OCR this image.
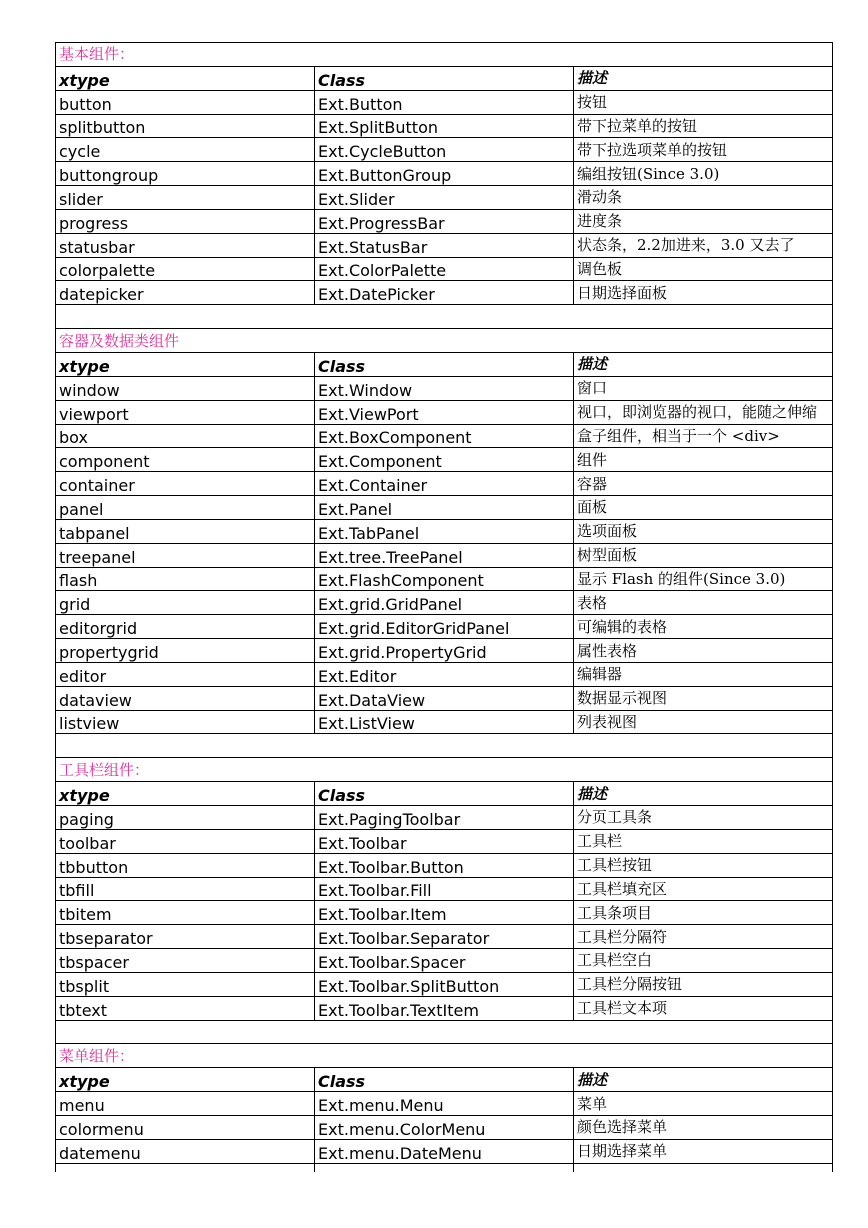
基本组件：		
xtype	Class	描述
button	Ext.Button	按钮
splitbutton	Ext.SplitButton	带下拉菜单的按钮
cycle	Ext.CycleButton	带下拉选项菜单的按钮
buttongroup	Ext.ButtonGroup	编组按钮(Since 3.0)
slider	Ext.Slider	滑动条
progress	Ext.ProgressBar	进度条
statusbar	Ext.StatusBar	状态条，2.2加进来，3.0 又去了
colorpalette	Ext.ColorPalette	调色板
datepicker	Ext.DatePicker	日期选择面板

容器及数据类组件		
xtype	Class	描述
window	Ext.Window	窗口
viewport	Ext.ViewPort	视口，即浏览器的视口，能随之伸缩
box	Ext.BoxComponent	盒子组件，相当于一个 <div>
component	Ext.Component	组件
container	Ext.Container	容器
panel	Ext.Panel	面板
tabpanel	Ext.TabPanel	选项面板
treepanel	Ext.tree.TreePanel	树型面板
flash	Ext.FlashComponent	显示 Flash 的组件(Since 3.0)
grid	Ext.grid.GridPanel	表格
editorgrid	Ext.grid.EditorGridPanel	可编辑的表格
propertygrid	Ext.grid.PropertyGrid	属性表格
editor	Ext.Editor	编辑器
dataview	Ext.DataView	数据显示视图
listview	Ext.ListView	列表视图

工具栏组件：		
xtype	Class	描述
paging	Ext.PagingToolbar	分页工具条
toolbar	Ext.Toolbar	工具栏
tbbutton	Ext.Toolbar.Button	工具栏按钮
tbfill	Ext.Toolbar.Fill	工具栏填充区
tbitem	Ext.Toolbar.Item	工具条项目
tbseparator	Ext.Toolbar.Separator	工具栏分隔符
tbspacer	Ext.Toolbar.Spacer	工具栏空白
tbsplit	Ext.Toolbar.SplitButton	工具栏分隔按钮
tbtext	Ext.Toolbar.TextItem	工具栏文本项

菜单组件：		
xtype	Class	描述
menu	Ext.menu.Menu	菜单
colormenu	Ext.menu.ColorMenu	颜色选择菜单
datemenu	Ext.menu.DateMenu	日期选择菜单
